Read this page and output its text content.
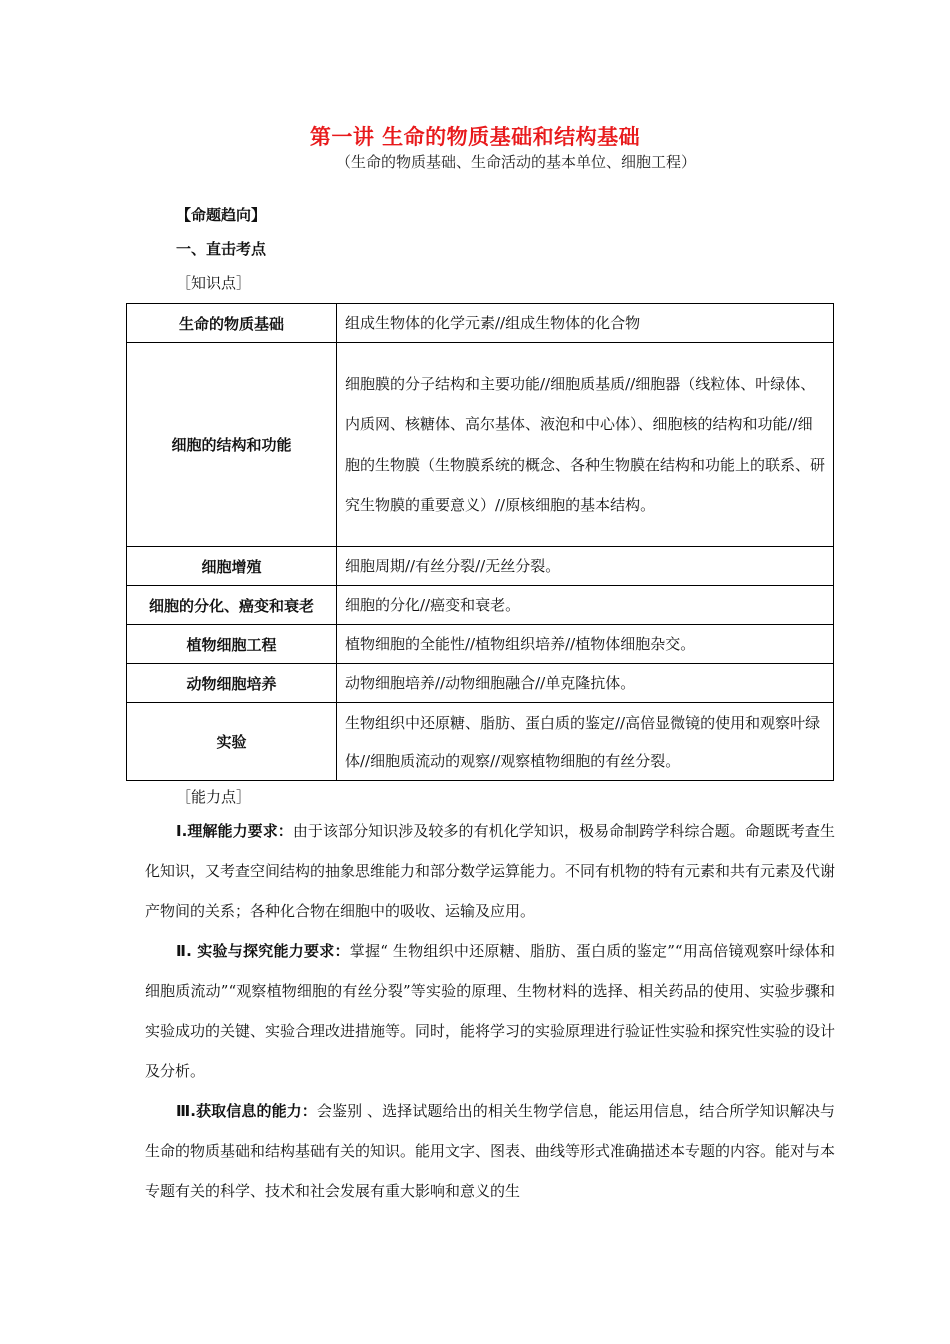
第一讲 生命的物质基础和结构基础
（生命的物质基础、生命活动的基本单位、细胞工程）
【命题趋向】
一、直击考点
［知识点］
生命的物质基础	组成生物体的化学元素//组成生物体的化合物
细胞的结构和功能	细胞膜的分子结构和主要功能//细胞质基质//细胞器（线粒体、叶绿体、内质网、核糖体、高尔基体、液泡和中心体）、细胞核的结构和功能//细胞的生物膜（生物膜系统的概念、各种生物膜在结构和功能上的联系、研究生物膜的重要意义）//原核细胞的基本结构。
细胞增殖	细胞周期//有丝分裂//无丝分裂。
细胞的分化、癌变和衰老	细胞的分化//癌变和衰老。
植物细胞工程	植物细胞的全能性//植物组织培养//植物体细胞杂交。
动物细胞培养	动物细胞培养//动物细胞融合//单克隆抗体。
实验	生物组织中还原糖、脂肪、蛋白质的鉴定//高倍显微镜的使用和观察叶绿体//细胞质流动的观察//观察植物细胞的有丝分裂。
［能力点］
Ⅰ.理解能力要求：由于该部分知识涉及较多的有机化学知识，极易命制跨学科综合题。命题既考查生化知识，又考查空间结构的抽象思维能力和部分数学运算能力。不同有机物的特有元素和共有元素及代谢产物间的关系；各种化合物在细胞中的吸收、运输及应用。
Ⅱ. 实验与探究能力要求：掌握“ 生物组织中还原糖、脂肪、蛋白质的鉴定”“用高倍镜观察叶绿体和细胞质流动”“观察植物细胞的有丝分裂”等实验的原理、生物材料的选择、相关药品的使用、实验步骤和实验成功的关键、实验合理改进措施等。同时，能将学习的实验原理进行验证性实验和探究性实验的设计及分析。
Ⅲ.获取信息的能力：会鉴别 、选择试题给出的相关生物学信息，能运用信息，结合所学知识解决与生命的物质基础和结构基础有关的知识。能用文字、图表、曲线等形式准确描述本专题的内容。能对与本专题有关的科学、技术和社会发展有重大影响和意义的生
